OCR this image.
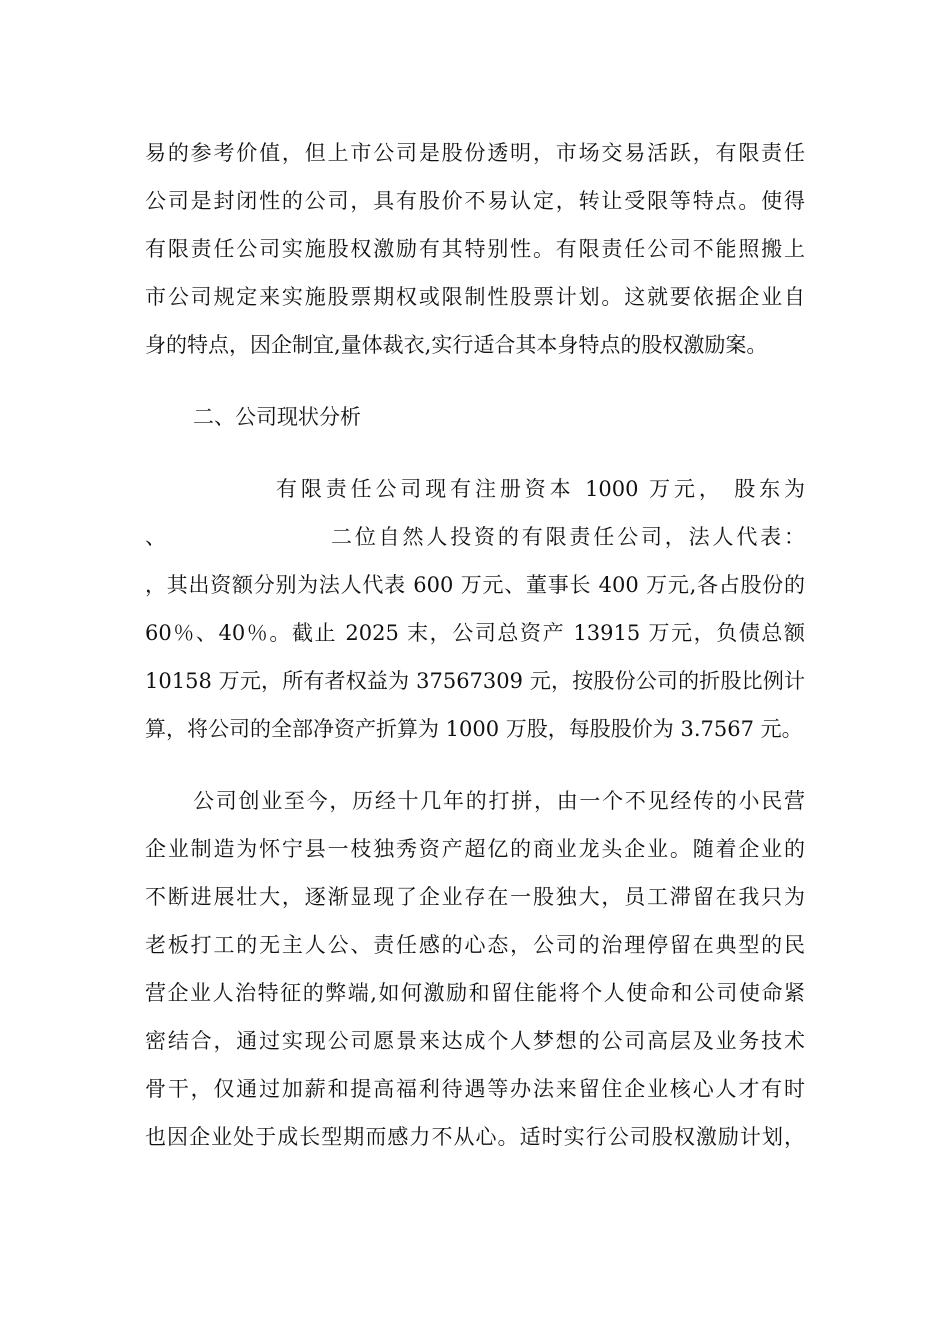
易的参考价值，但上市公司是股份透明，市场交易活跃，有限责任
公司是封闭性的公司，具有股价不易认定，转让受限等特点。使得
有限责任公司实施股权激励有其特别性。有限责任公司不能照搬上
市公司规定来实施股票期权或限制性股票计划。这就要依据企业自
身的特点，因企制宜,量体裁衣,实行适合其本身特点的股权激励案。
二、公司现状分析
有限责任公司现有注册资本 1000 万元， 股东为
、	二位自然人投资的有限责任公司，法人代表：
，其出资额分别为法人代表 600 万元、董事长 400 万元,各占股份的
60％、40％。截止 2025 末，公司总资产 13915 万元，负债总额
10158 万元，所有者权益为 37567309 元，按股份公司的折股比例计
算，将公司的全部净资产折算为 1000 万股，每股股价为 3.7567 元。
公司创业至今，历经十几年的打拼，由一个不见经传的小民营
企业制造为怀宁县一枝独秀资产超亿的商业龙头企业。随着企业的
不断进展壮大，逐渐显现了企业存在一股独大，员工滞留在我只为
老板打工的无主人公、责任感的心态，公司的治理停留在典型的民
营企业人治特征的弊端,如何激励和留住能将个人使命和公司使命紧
密结合，通过实现公司愿景来达成个人梦想的公司高层及业务技术
骨干，仅通过加薪和提高福利待遇等办法来留住企业核心人才有时
也因企业处于成长型期而感力不从心。适时实行公司股权激励计划，
